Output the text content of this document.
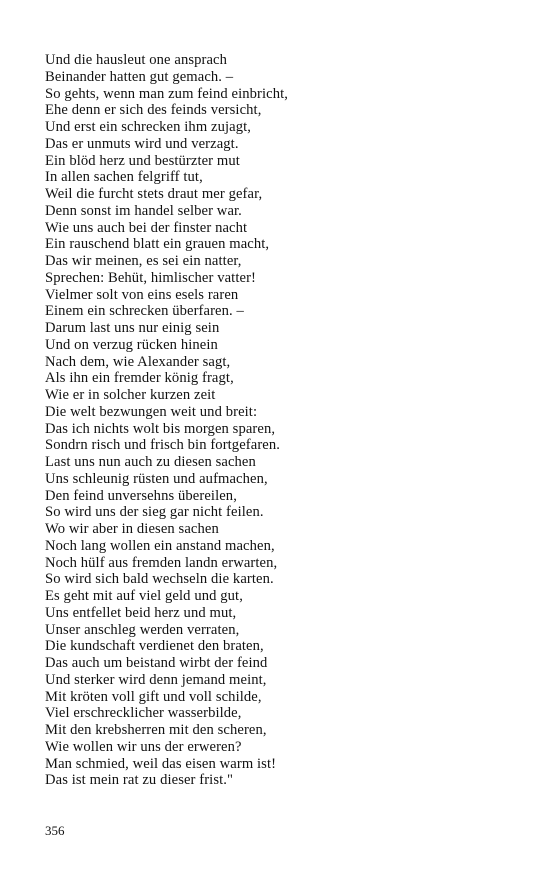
Und die hausleut one ansprach
Beinander hatten gut gemach. –
So gehts, wenn man zum feind einbricht,
Ehe denn er sich des feinds versicht,
Und erst ein schrecken ihm zujagt,
Das er unmuts wird und verzagt.
Ein blöd herz und bestürzter mut
In allen sachen felgriff tut,
Weil die furcht stets draut mer gefar,
Denn sonst im handel selber war.
Wie uns auch bei der finster nacht
Ein rauschend blatt ein grauen macht,
Das wir meinen, es sei ein natter,
Sprechen: Behüt, himlischer vatter!
Vielmer solt von eins esels raren
Einem ein schrecken überfaren. –
Darum last uns nur einig sein
Und on verzug rücken hinein
Nach dem, wie Alexander sagt,
Als ihn ein fremder könig fragt,
Wie er in solcher kurzen zeit
Die welt bezwungen weit und breit:
Das ich nichts wolt bis morgen sparen,
Sondrn risch und frisch bin fortgefaren.
Last uns nun auch zu diesen sachen
Uns schleunig rüsten und aufmachen,
Den feind unversehns übereilen,
So wird uns der sieg gar nicht feilen.
Wo wir aber in diesen sachen
Noch lang wollen ein anstand machen,
Noch hülf aus fremden landn erwarten,
So wird sich bald wechseln die karten.
Es geht mit auf viel geld und gut,
Uns entfellet beid herz und mut,
Unser anschleg werden verraten,
Die kundschaft verdienet den braten,
Das auch um beistand wirbt der feind
Und sterker wird denn jemand meint,
Mit kröten voll gift und voll schilde,
Viel erschrecklicher wasserbilde,
Mit den krebsherren mit den scheren,
Wie wollen wir uns der erweren?
Man schmied, weil das eisen warm ist!
Das ist mein rat zu dieser frist."
356
